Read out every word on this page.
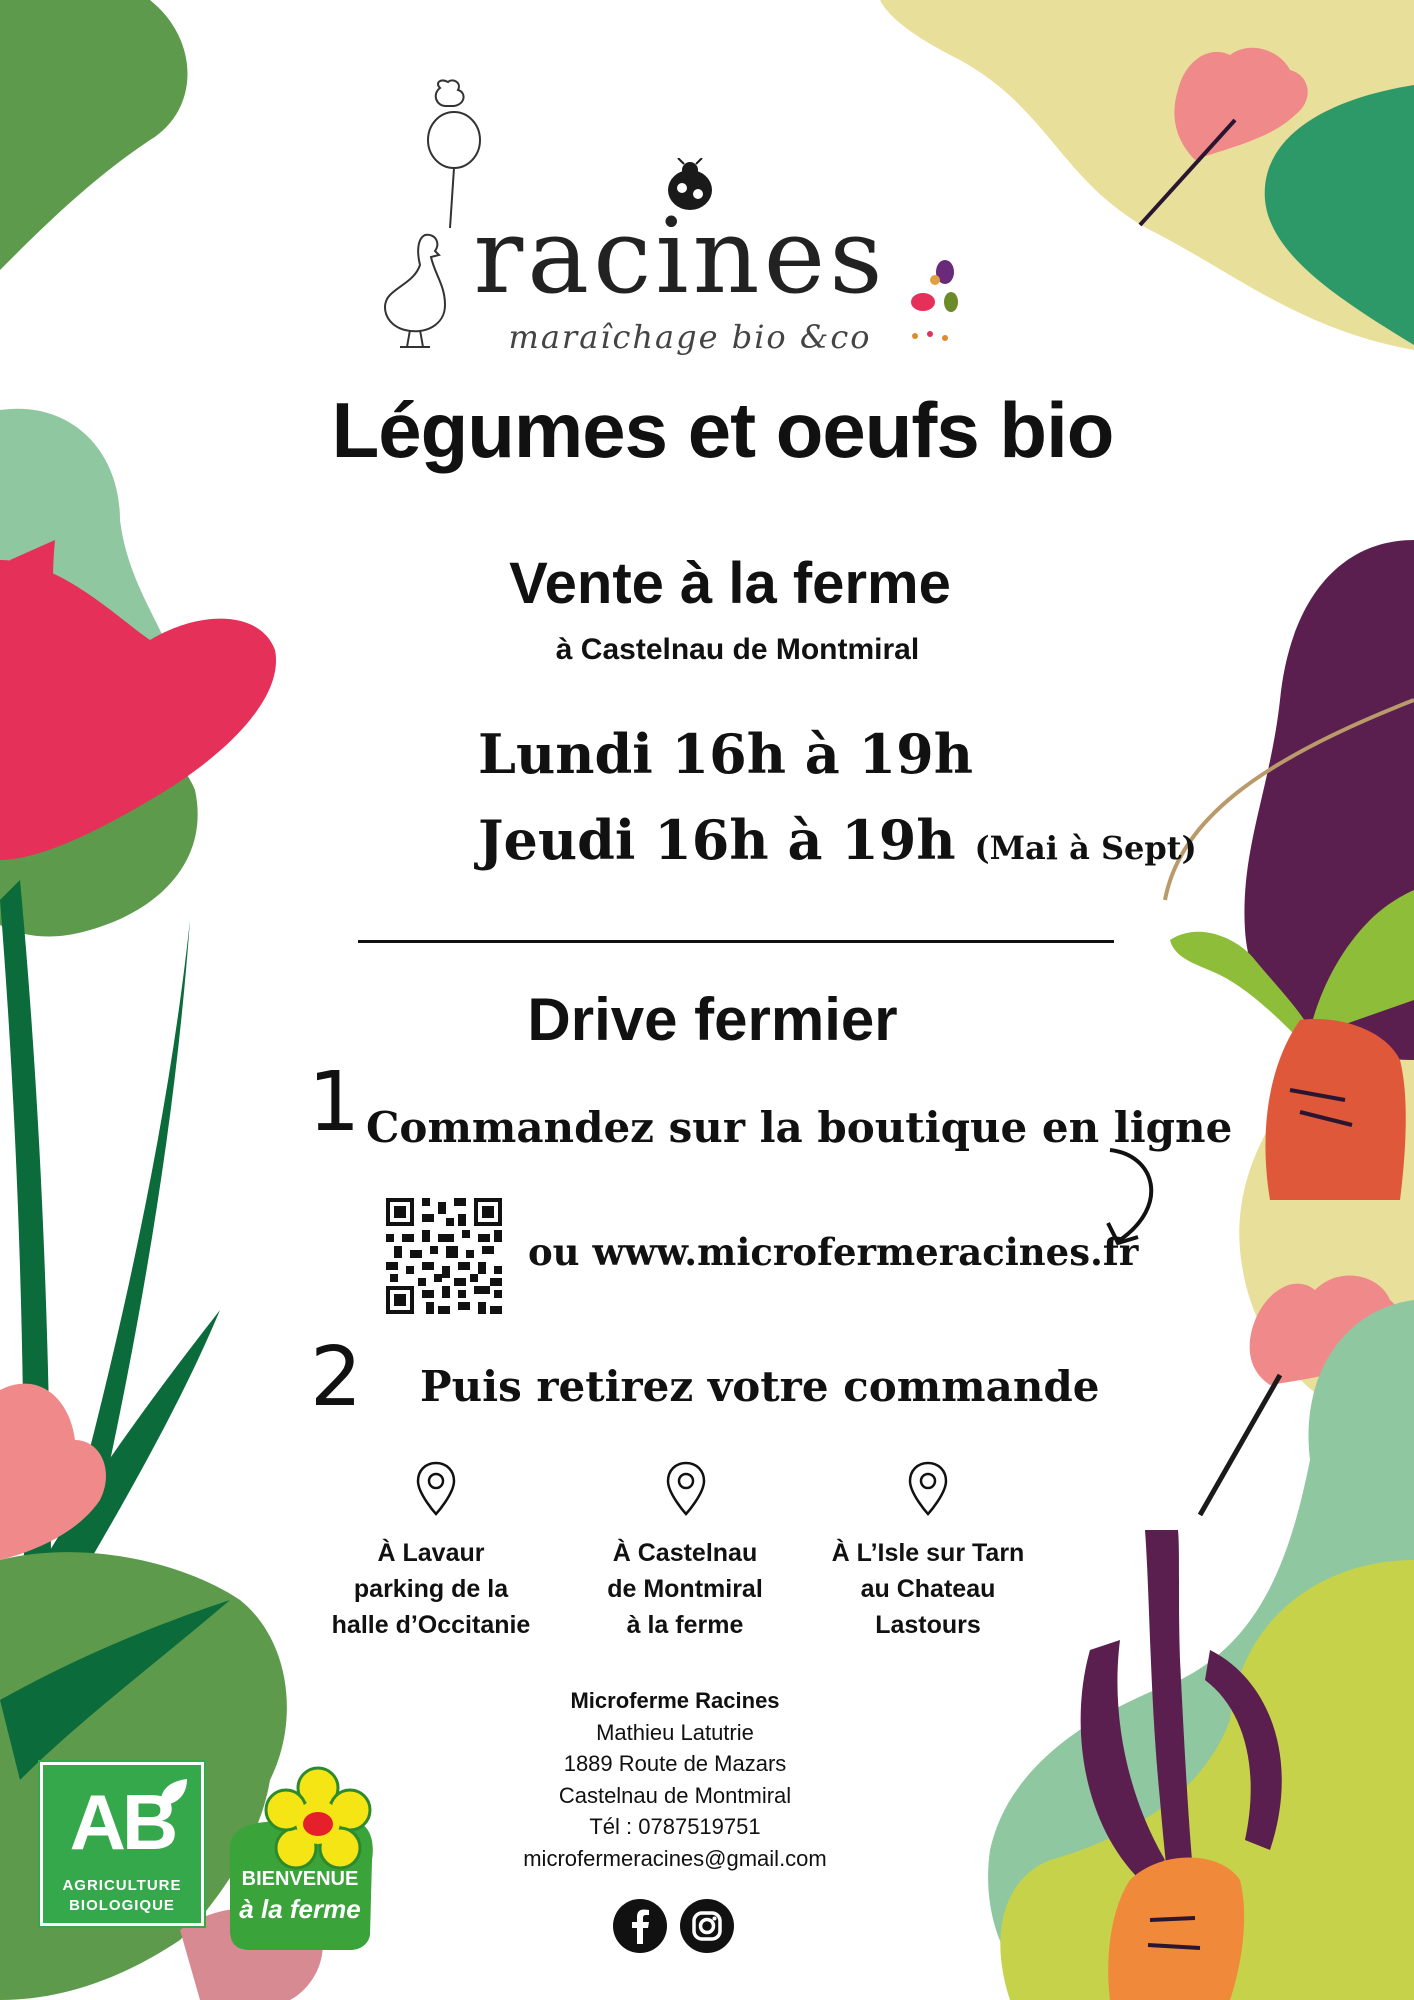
racines
maraîchage bio &co
Légumes et oeufs bio
Vente à la ferme
à Castelnau de Montmiral
Lundi 16h à 19h
Jeudi 16h à 19h (Mai à Sept)
Drive fermier
1 Commandez sur la boutique en ligne
ou www.microfermeracines.fr
2 Puis retirez votre commande
À Lavaur
parking de la
halle d’Occitanie
À Castelnau
de Montmiral
à la ferme
À L’Isle sur Tarn
au Chateau
Lastours
Microferme Racines
Mathieu Latutrie
1889 Route de Mazars
Castelnau de Montmiral
Tél : 0787519751
microfermeracines@gmail.com
AB
AGRICULTURE
BIOLOGIQUE
BIENVENUE
à la ferme
